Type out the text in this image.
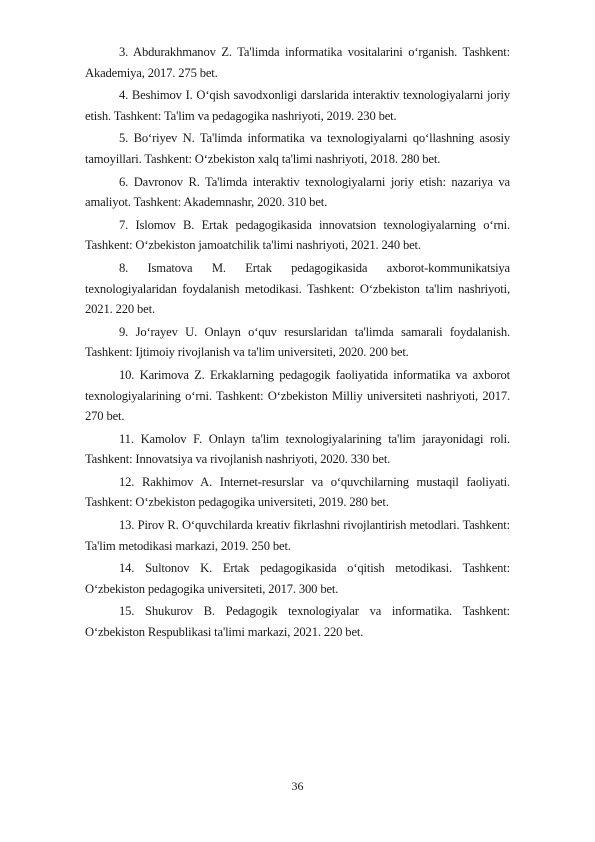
3. Abdurakhmanov Z. Ta'limda informatika vositalarini o‘rganish. Tashkent: Akademiya, 2017. 275 bet.

4. Beshimov I. O‘qish savodxonligi darslarida interaktiv texnologiyalarni joriy etish. Tashkent: Ta'lim va pedagogika nashriyoti, 2019. 230 bet.

5. Bo‘riyev N. Ta'limda informatika va texnologiyalarni qo‘llashning asosiy tamoyillari. Tashkent: O‘zbekiston xalq ta'limi nashriyoti, 2018. 280 bet.

6. Davronov R. Ta'limda interaktiv texnologiyalarni joriy etish: nazariya va amaliyot. Tashkent: Akademnashr, 2020. 310 bet.

7. Islomov B. Ertak pedagogikasida innovatsion texnologiyalarning o‘rni. Tashkent: O‘zbekiston jamoatchilik ta'limi nashriyoti, 2021. 240 bet.

8. Ismatova M. Ertak pedagogikasida axborot-kommunikatsiya texnologiyalaridan foydalanish metodikasi. Tashkent: O‘zbekiston ta'lim nashriyoti, 2021. 220 bet.

9. Jo‘rayev U. Onlayn o‘quv resurslaridan ta'limda samarali foydalanish. Tashkent: Ijtimoiy rivojlanish va ta'lim universiteti, 2020. 200 bet.

10. Karimova Z. Erkaklarning pedagogik faoliyatida informatika va axborot texnologiyalarining o‘rni. Tashkent: O‘zbekiston Milliy universiteti nashriyoti, 2017. 270 bet.

11. Kamolov F. Onlayn ta'lim texnologiyalarining ta'lim jarayonidagi roli. Tashkent: Innovatsiya va rivojlanish nashriyoti, 2020. 330 bet.

12. Rakhimov A. Internet-resurslar va o‘quvchilarning mustaqil faoliyati. Tashkent: O‘zbekiston pedagogika universiteti, 2019. 280 bet.

13. Pirov R. O‘quvchilarda kreativ fikrlashni rivojlantirish metodlari. Tashkent: Ta'lim metodikasi markazi, 2019. 250 bet.

14. Sultonov K. Ertak pedagogikasida o‘qitish metodikasi. Tashkent: O‘zbekiston pedagogika universiteti, 2017. 300 bet.

15. Shukurov B. Pedagogik texnologiyalar va informatika. Tashkent: O‘zbekiston Respublikasi ta'limi markazi, 2021. 220 bet.

36
